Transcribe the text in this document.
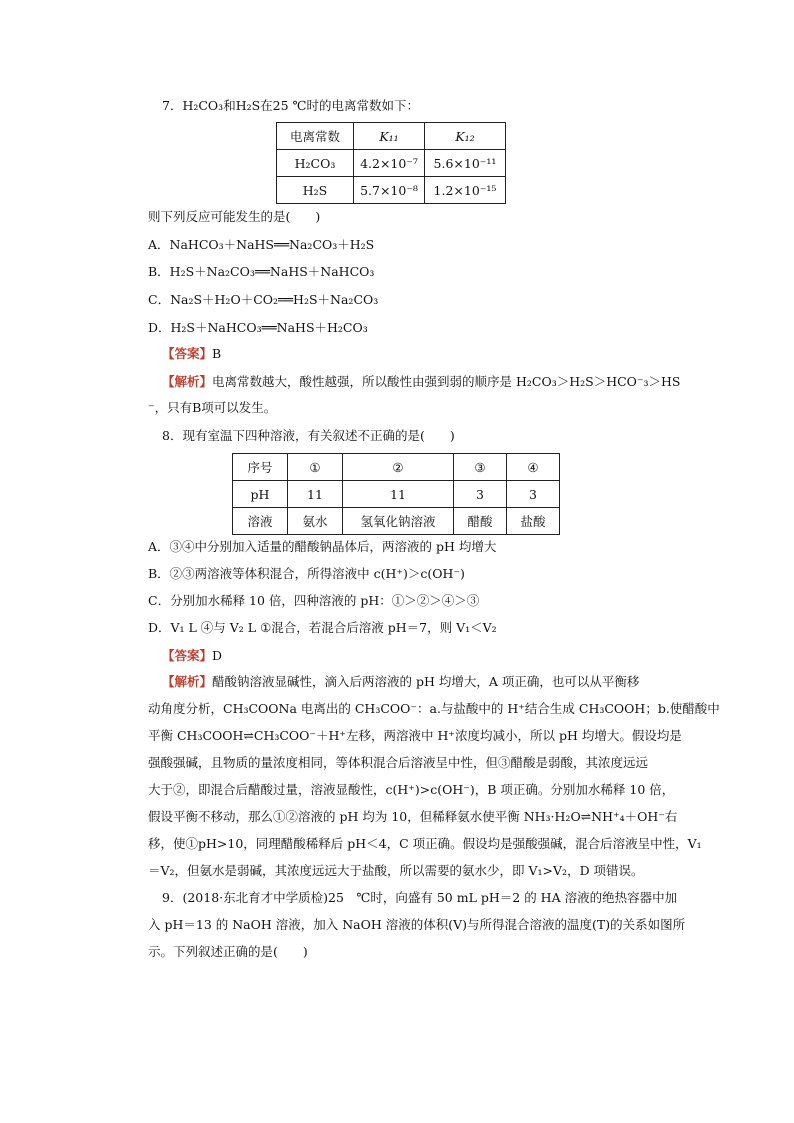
7．H₂CO₃和H₂S在25 ℃时的电离常数如下：
电离常数	K₁₁	K₁₂
H₂CO₃	4.2×10⁻⁷	5.6×10⁻¹¹
H₂S	5.7×10⁻⁸	1.2×10⁻¹⁵
则下列反应可能发生的是(　　)
A．NaHCO₃＋NaHS══Na₂CO₃＋H₂S
B．H₂S＋Na₂CO₃══NaHS＋NaHCO₃
C．Na₂S＋H₂O＋CO₂══H₂S＋Na₂CO₃
D．H₂S＋NaHCO₃══NaHS＋H₂CO₃
【答案】B
【解析】电离常数越大，酸性越强，所以酸性由强到弱的顺序是 H₂CO₃＞H₂S＞HCO⁻₃＞HS
⁻，只有B项可以发生。
8．现有室温下四种溶液，有关叙述不正确的是(　　)
序号	①	②	③	④
pH	11	11	3	3
溶液	氨水	氢氧化钠溶液	醋酸	盐酸
A．③④中分别加入适量的醋酸钠晶体后，两溶液的 pH 均增大
B．②③两溶液等体积混合，所得溶液中 c(H⁺)＞c(OH⁻)
C．分别加水稀释 10 倍，四种溶液的 pH：①＞②＞④＞③
D．V₁ L ④与 V₂ L ①混合，若混合后溶液 pH＝7，则 V₁＜V₂
【答案】D
【解析】醋酸钠溶液显碱性，滴入后两溶液的 pH 均增大，A 项正确，也可以从平衡移
动角度分析，CH₃COONa 电离出的 CH₃COO⁻：a.与盐酸中的 H⁺结合生成 CH₃COOH；b.使醋酸中
平衡 CH₃COOH⇌CH₃COO⁻＋H⁺左移，两溶液中 H⁺浓度均减小，所以 pH 均增大。假设均是
强酸强碱，且物质的量浓度相同，等体积混合后溶液呈中性，但③醋酸是弱酸，其浓度远远
大于②，即混合后醋酸过量，溶液显酸性，c(H⁺)>c(OH⁻)，B 项正确。分别加水稀释 10 倍，
假设平衡不移动，那么①②溶液的 pH 均为 10，但稀释氨水使平衡 NH₃·H₂O⇌NH⁺₄＋OH⁻右
移，使①pH>10，同理醋酸稀释后 pH＜4，C 项正确。假设均是强酸强碱，混合后溶液呈中性，V₁
＝V₂，但氨水是弱碱，其浓度远远大于盐酸，所以需要的氨水少，即 V₁>V₂，D 项错误。
9．(2018·东北育才中学质检)25　℃时，向盛有 50 mL pH＝2 的 HA 溶液的绝热容器中加
入 pH＝13 的 NaOH 溶液，加入 NaOH 溶液的体积(V)与所得混合溶液的温度(T)的关系如图所
示。下列叙述正确的是(　　)
